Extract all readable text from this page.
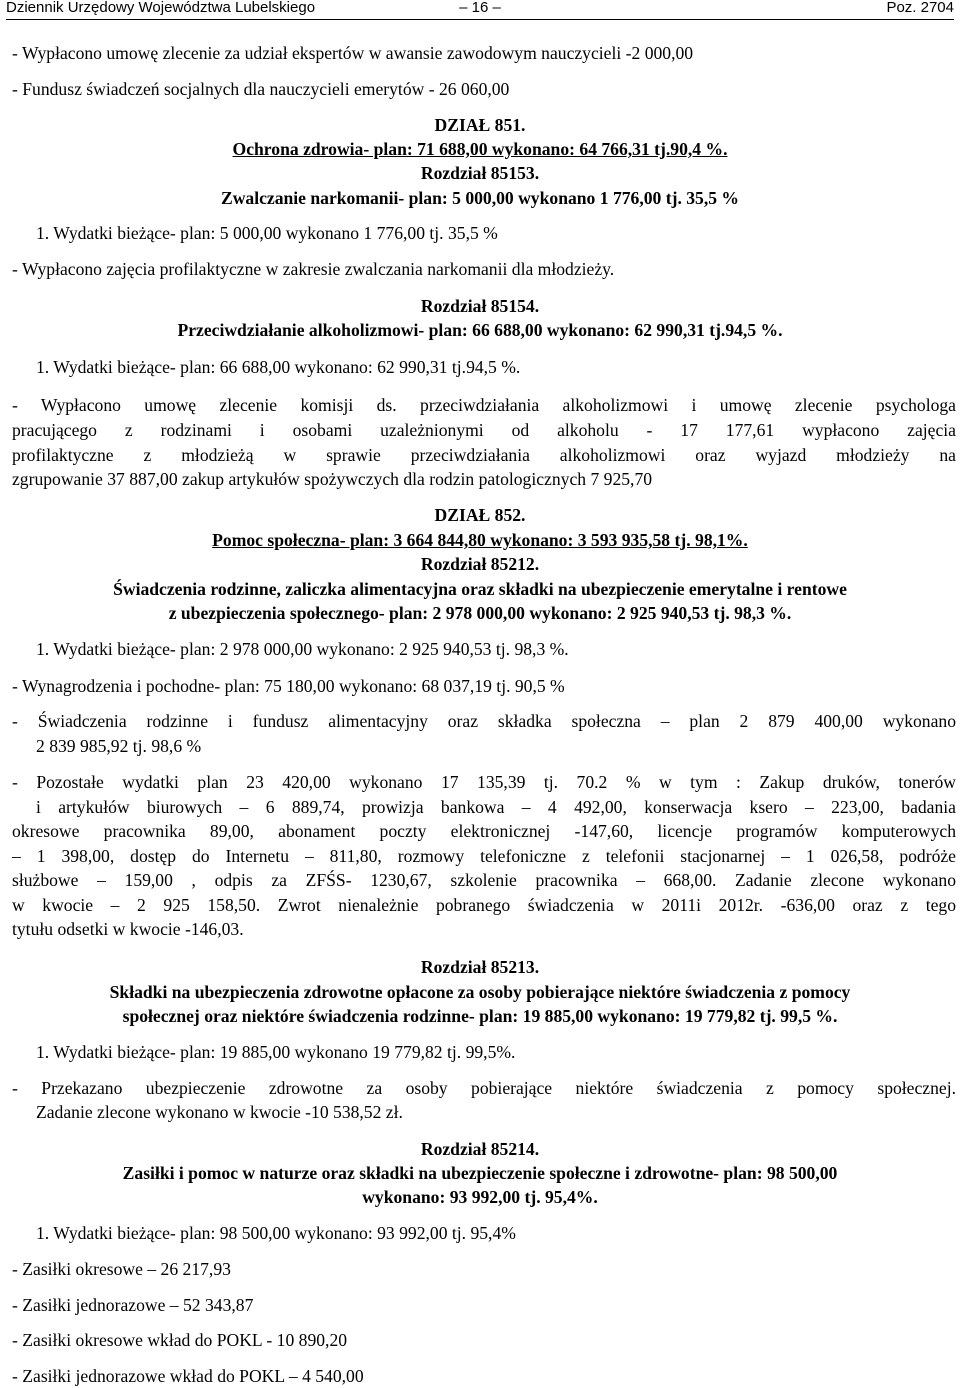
Dziennik Urzędowy Województwa Lubelskiego	– 16 –	Poz. 2704
- Wypłacono umowę zlecenie za udział ekspertów w awansie zawodowym nauczycieli -2 000,00
- Fundusz świadczeń socjalnych dla nauczycieli emerytów - 26 060,00
DZIAŁ 851.
Ochrona zdrowia- plan: 71 688,00 wykonano: 64 766,31 tj.90,4 %.
Rozdział 85153.
Zwalczanie narkomanii- plan: 5 000,00 wykonano 1 776,00 tj. 35,5 %
1. Wydatki bieżące- plan: 5 000,00 wykonano 1 776,00 tj. 35,5 %
- Wypłacono zajęcia profilaktyczne w zakresie zwalczania narkomanii dla młodzieży.
Rozdział 85154.
Przeciwdziałanie alkoholizmowi- plan: 66 688,00 wykonano: 62 990,31 tj.94,5 %.
1. Wydatki bieżące- plan: 66 688,00 wykonano: 62 990,31 tj.94,5 %.
- Wypłacono umowę zlecenie komisji ds. przeciwdziałania alkoholizmowi i umowę zlecenie psychologa
pracującego z rodzinami i osobami uzależnionymi od alkoholu - 17 177,61 wypłacono zajęcia
profilaktyczne z młodzieżą w sprawie przeciwdziałania alkoholizmowi oraz wyjazd młodzieży na
zgrupowanie 37 887,00 zakup artykułów spożywczych dla rodzin patologicznych 7 925,70
DZIAŁ 852.
Pomoc społeczna- plan: 3 664 844,80 wykonano: 3 593 935,58 tj. 98,1%.
Rozdział 85212.
Świadczenia rodzinne, zaliczka alimentacyjna oraz składki na ubezpieczenie emerytalne i rentowe
z ubezpieczenia społecznego- plan: 2 978 000,00 wykonano: 2 925 940,53 tj. 98,3 %.
1. Wydatki bieżące- plan: 2 978 000,00 wykonano: 2 925 940,53 tj. 98,3 %.
- Wynagrodzenia i pochodne- plan: 75 180,00 wykonano: 68 037,19 tj. 90,5 %
- Świadczenia rodzinne i fundusz alimentacyjny oraz składka społeczna – plan 2 879 400,00 wykonano
2 839 985,92 tj. 98,6 %
- Pozostałe wydatki plan 23 420,00 wykonano 17 135,39 tj. 70.2 % w tym : Zakup druków, tonerów
i artykułów biurowych – 6 889,74, prowizja bankowa – 4 492,00, konserwacja ksero – 223,00, badania
okresowe pracownika 89,00, abonament poczty elektronicznej -147,60, licencje programów komputerowych
– 1 398,00, dostęp do Internetu – 811,80, rozmowy telefoniczne z telefonii stacjonarnej – 1 026,58, podróże
służbowe – 159,00 , odpis za ZFŚS- 1230,67, szkolenie pracownika – 668,00. Zadanie zlecone wykonano
w kwocie – 2 925 158,50. Zwrot nienależnie pobranego świadczenia w 2011i 2012r. -636,00 oraz z tego
tytułu odsetki w kwocie -146,03.
Rozdział 85213.
Składki na ubezpieczenia zdrowotne opłacone za osoby pobierające niektóre świadczenia z pomocy
społecznej oraz niektóre świadczenia rodzinne- plan: 19 885,00 wykonano: 19 779,82 tj. 99,5 %.
1. Wydatki bieżące- plan: 19 885,00 wykonano 19 779,82 tj. 99,5%.
- Przekazano ubezpieczenie zdrowotne za osoby pobierające niektóre świadczenia z pomocy społecznej.
Zadanie zlecone wykonano w kwocie -10 538,52 zł.
Rozdział 85214.
Zasiłki i pomoc w naturze oraz składki na ubezpieczenie społeczne i zdrowotne- plan: 98 500,00
wykonano: 93 992,00 tj. 95,4%.
1. Wydatki bieżące- plan: 98 500,00 wykonano: 93 992,00 tj. 95,4%
- Zasiłki okresowe – 26 217,93
- Zasiłki jednorazowe – 52 343,87
- Zasiłki okresowe wkład do POKL - 10 890,20
- Zasiłki jednorazowe wkład do POKL – 4 540,00
